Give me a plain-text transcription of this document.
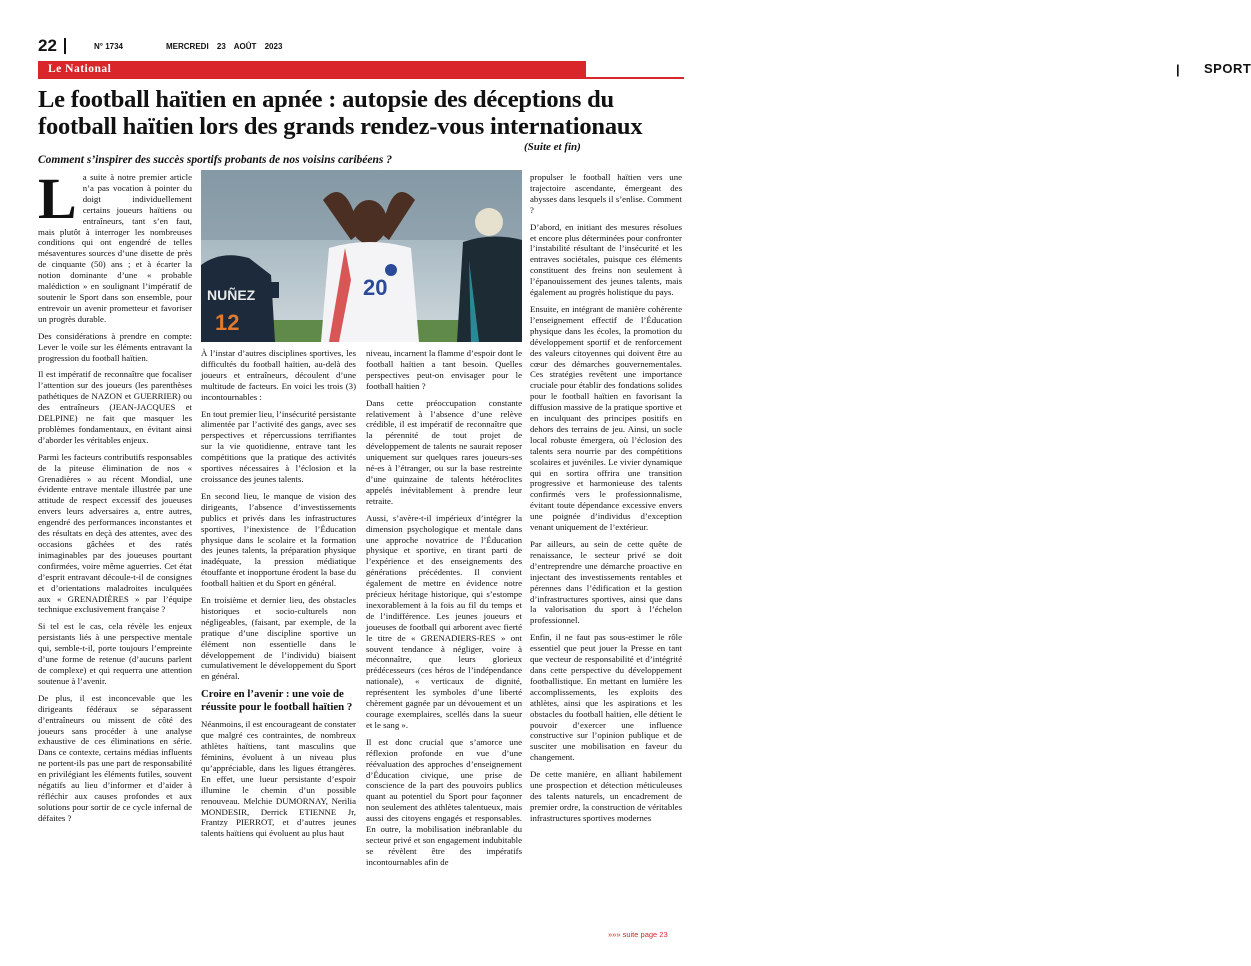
22	N° 1734	MERCREDI 23 AOÛT 2023
Le National	| SPORT
Le football haïtien en apnée : autopsie des déceptions du football haïtien lors des grands rendez-vous internationaux
(Suite et fin)
Comment s’inspirer des succès sportifs probants de nos voisins caribéens ?

La suite à notre premier article n’a pas vocation à pointer du doigt individuellement certains joueurs haïtiens ou entraîneurs, tant s’en faut, mais plutôt à interroger les nombreuses conditions qui ont engendré de telles mésaventures sources d’une disette de près de cinquante (50) ans ; et à écarter la notion dominante d’une « probable malédiction » en soulignant l’impératif de soutenir le Sport dans son ensemble, pour entrevoir un avenir prometteur et favoriser un progrès durable.

Des considérations à prendre en compte: Lever le voile sur les éléments entravant la progression du football haïtien.

Il est impératif de reconnaître que focaliser l’attention sur des joueurs (les parenthèses pathétiques de NAZON et GUERRIER) ou des entraîneurs (JEAN-JACQUES et DELPINE) ne fait que masquer les problèmes fondamentaux, en évitant ainsi d’aborder les véritables enjeux.

Parmi les facteurs contributifs responsables de la piteuse élimination de nos « Grenadières » au récent Mondial, une évidente entrave mentale illustrée par une attitude de respect excessif des joueuses envers leurs adversaires a, entre autres, engendré des performances inconstantes et des résultats en deçà des attentes, avec des occasions gâchées et des ratés inimaginables par des joueuses pourtant confirmées, voire même aguerries. Cet état d’esprit entravant découle-t-il de consignes et d’orientations maladroites inculquées aux « GRENADIÈRES » par l’équipe technique exclusivement française ?

Si tel est le cas, cela révèle les enjeux persistants liés à une perspective mentale qui, semble-t-il, porte toujours l’empreinte d’une forme de retenue (d’aucuns parlent de complexe) et qui requerra une attention soutenue à l’avenir.

De plus, il est inconcevable que les dirigeants fédéraux se séparassent d’entraîneurs ou missent de côté des joueurs sans procéder à une analyse exhaustive de ces éliminations en série. Dans ce contexte, certains médias influents ne portent-ils pas une part de responsabilité en privilégiant les éléments futiles, souvent négatifs au lieu d’informer et d’aider à réfléchir aux causes profondes et aux solutions pour sortir de ce cycle infernal de défaites ?

NUÑEZ
12
20

À l’instar d’autres disciplines sportives, les difficultés du football haïtien, au-delà des joueurs et entraîneurs, découlent d’une multitude de facteurs. En voici les trois (3) incontournables :

En tout premier lieu, l’insécurité persistante alimentée par l’activité des gangs, avec ses perspectives et répercussions terrifiantes sur la vie quotidienne, entrave tant les compétitions que la pratique des activités sportives nécessaires à l’éclosion et la croissance des jeunes talents.

En second lieu, le manque de vision des dirigeants, l’absence d’investissements publics et privés dans les infrastructures sportives, l’inexistence de l’Éducation physique dans le scolaire et la formation des jeunes talents, la préparation physique inadéquate, la pression médiatique étouffante et inopportune érodent la base du football haïtien et du Sport en général.

En troisième et dernier lieu, des obstacles historiques et socio-culturels non négligeables, (faisant, par exemple, de la pratique d’une discipline sportive un élément non essentielle dans le développement de l’individu) biaisent cumulativement le développement du Sport en général.

Croire en l’avenir : une voie de réussite pour le football haïtien ?

Néanmoins, il est encourageant de constater que malgré ces contraintes, de nombreux athlètes haïtiens, tant masculins que féminins, évoluent à un niveau plus qu’appréciable, dans les ligues étrangères. En effet, une lueur persistante d’espoir illumine le chemin d’un possible renouveau. Melchie DUMORNAY, Nerilia MONDESIR, Derrick ETIENNE Jr, Frantzy PIERROT, et d’autres jeunes talents haïtiens qui évoluent au plus haut

niveau, incarnent la flamme d’espoir dont le football haïtien a tant besoin. Quelles perspectives peut-on envisager pour le football haïtien ?

Dans cette préoccupation constante relativement à l’absence d’une relève crédible, il est impératif de reconnaître que la pérennité de tout projet de développement de talents ne saurait reposer uniquement sur quelques rares joueurs-ses né-es à l’étranger, ou sur la base restreinte d’une quinzaine de talents hétéroclites appelés inévitablement à prendre leur retraite.

Aussi, s’avère-t-il impérieux d’intégrer la dimension psychologique et mentale dans une approche novatrice de l’Éducation physique et sportive, en tirant parti de l’expérience et des enseignements des générations précédentes. Il convient également de mettre en évidence notre précieux héritage historique, qui s’estompe inexorablement à la fois au fil du temps et de l’indifférence. Les jeunes joueurs et joueuses de football qui arborent avec fierté le titre de « GRENADIERS-RES » ont souvent tendance à négliger, voire à méconnaître, que leurs glorieux prédécesseurs (ces héros de l’indépendance nationale), « verticaux de dignité, représentent les symboles d’une liberté chèrement gagnée par un dévouement et un courage exemplaires, scellés dans la sueur et le sang ».

Il est donc crucial que s’amorce une réflexion profonde en vue d’une réévaluation des approches d’enseignement d’Éducation civique, une prise de conscience de la part des pouvoirs publics quant au potentiel du Sport pour façonner non seulement des athlètes talentueux, mais aussi des citoyens engagés et responsables. En outre, la mobilisation inébranlable du secteur privé et son engagement indubitable se révèlent être des impératifs incontournables afin de

propulser le football haïtien vers une trajectoire ascendante, émergeant des abysses dans lesquels il s’enlise. Comment ?

D’abord, en initiant des mesures résolues et encore plus déterminées pour confronter l’instabilité résultant de l’insécurité et les entraves sociétales, puisque ces éléments constituent des freins non seulement à l’épanouissement des jeunes talents, mais également au progrès holistique du pays.

Ensuite, en intégrant de manière cohérente l’enseignement effectif de l’Éducation physique dans les écoles, la promotion du développement sportif et de renforcement des valeurs citoyennes qui doivent être au cœur des démarches gouvernementales. Ces stratégies revêtent une importance cruciale pour établir des fondations solides pour le football haïtien en favorisant la diffusion massive de la pratique sportive et en inculquant des principes positifs en dehors des terrains de jeu. Ainsi, un socle local robuste émergera, où l’éclosion des talents sera nourrie par des compétitions scolaires et juvéniles. Le vivier dynamique qui en sortira offrira une transition progressive et harmonieuse des talents confirmés vers le professionnalisme, évitant toute dépendance excessive envers une poignée d’individus d’exception venant uniquement de l’extérieur.

Par ailleurs, au sein de cette quête de renaissance, le secteur privé se doit d’entreprendre une démarche proactive en injectant des investissements rentables et pérennes dans l’édification et la gestion d’infrastructures sportives, ainsi que dans la valorisation du sport à l’échelon professionnel.

Enfin, il ne faut pas sous-estimer le rôle essentiel que peut jouer la Presse en tant que vecteur de responsabilité et d’intégrité dans cette perspective du développement footballistique. En mettant en lumière les accomplissements, les exploits des athlètes, ainsi que les aspirations et les obstacles du football haïtien, elle détient le pouvoir d’exercer une influence constructive sur l’opinion publique et de susciter une mobilisation en faveur du changement.

De cette manière, en alliant habilement une prospection et détection méticuleuses des talents naturels, un encadrement de premier ordre, la construction de véritables infrastructures sportives modernes

»»» suite page 23
